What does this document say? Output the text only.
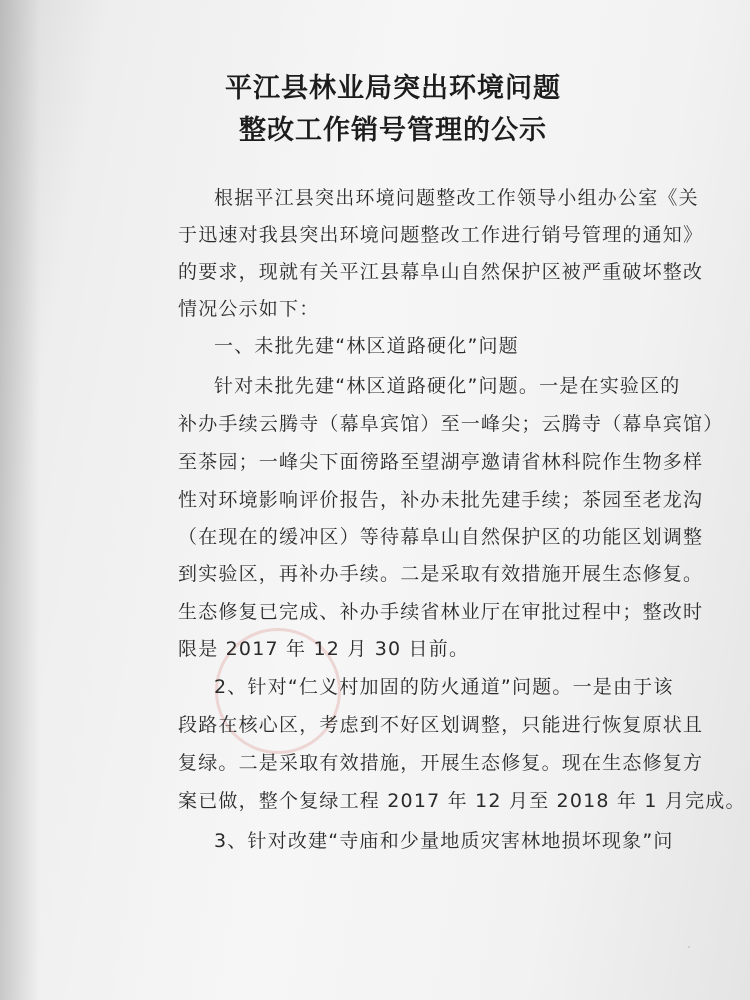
平江县林业局突出环境问题
整改工作销号管理的公示
根据平江县突出环境问题整改工作领导小组办公室《关
于迅速对我县突出环境问题整改工作进行销号管理的通知》
的要求，现就有关平江县幕阜山自然保护区被严重破坏整改
情况公示如下：
一、未批先建“林区道路硬化”问题
针对未批先建“林区道路硬化”问题。一是在实验区的
补办手续云腾寺（幕阜宾馆）至一峰尖；云腾寺（幕阜宾馆）
至茶园；一峰尖下面徬路至望湖亭邀请省林科院作生物多样
性对环境影响评价报告，补办未批先建手续；茶园至老龙沟
（在现在的缓冲区）等待幕阜山自然保护区的功能区划调整
到实验区，再补办手续。二是采取有效措施开展生态修复。
生态修复已完成、补办手续省林业厅在审批过程中；整改时
限是 2017 年 12 月 30 日前。
2、针对“仁义村加固的防火通道”问题。一是由于该
段路在核心区，考虑到不好区划调整，只能进行恢复原状且
复绿。二是采取有效措施，开展生态修复。现在生态修复方
案已做，整个复绿工程 2017 年 12 月至 2018 年 1 月完成。
3、针对改建“寺庙和少量地质灾害林地损坏现象”问
